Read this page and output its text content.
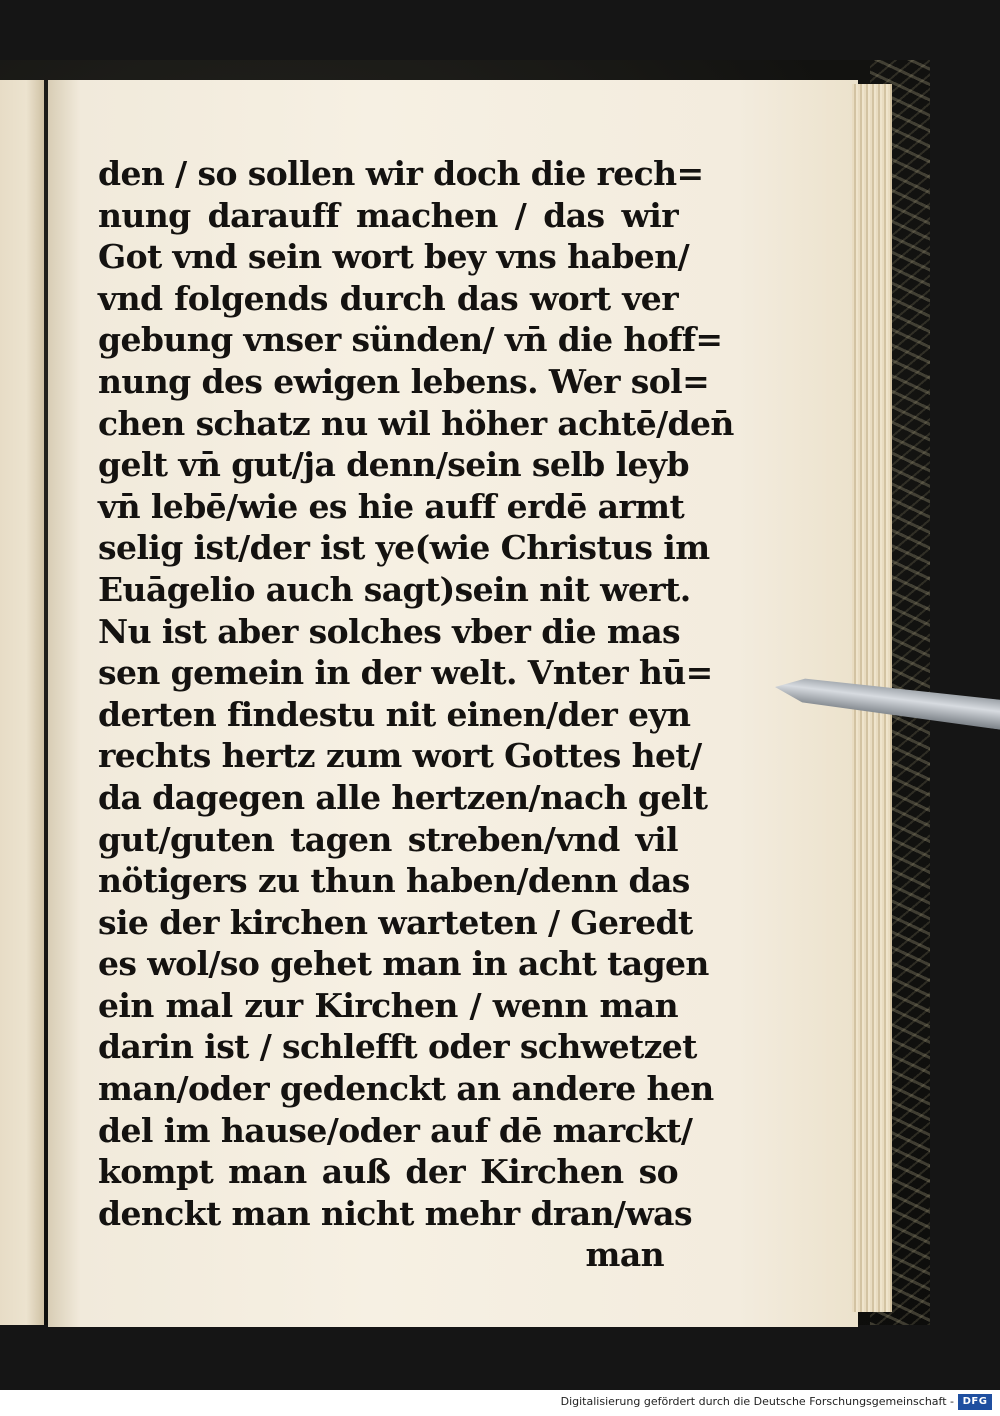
den / so sollen wir doch die rech=
nung darauff machen / das wir
Got vnd sein wort bey vns haben/
vnd folgends durch das wort ver
gebung vnser sünden/ vn̄ die hoff=
nung des ewigen lebens. Wer sol=
chen schatz nu wil höher achtē/den̄
gelt vn̄ gut/ja denn/sein selb leyb
vn̄ lebē/wie es hie auff erdē armt
selig ist/der ist ye(wie Christus im
Euāgelio auch sagt)sein nit wert.
Nu ist aber solches vber die mas
sen gemein in der welt. Vnter hū=
derten findestu nit einen/der eyn
rechts hertz zum wort Gottes het/
da dagegen alle hertzen/nach gelt
gut/guten tagen streben/vnd vil
nötigers zu thun haben/denn das
sie der kirchen warteten / Geredt
es wol/so gehet man in acht tagen
ein mal zur Kirchen / wenn man
darin ist / schlefft oder schwetzet
man/oder gedenckt an andere hen
del im hause/oder auf dē marckt/
kompt man auß der Kirchen so
denckt man nicht mehr dran/was
man
Digitalisierung gefördert durch die Deutsche Forschungsgemeinschaft - DFG
